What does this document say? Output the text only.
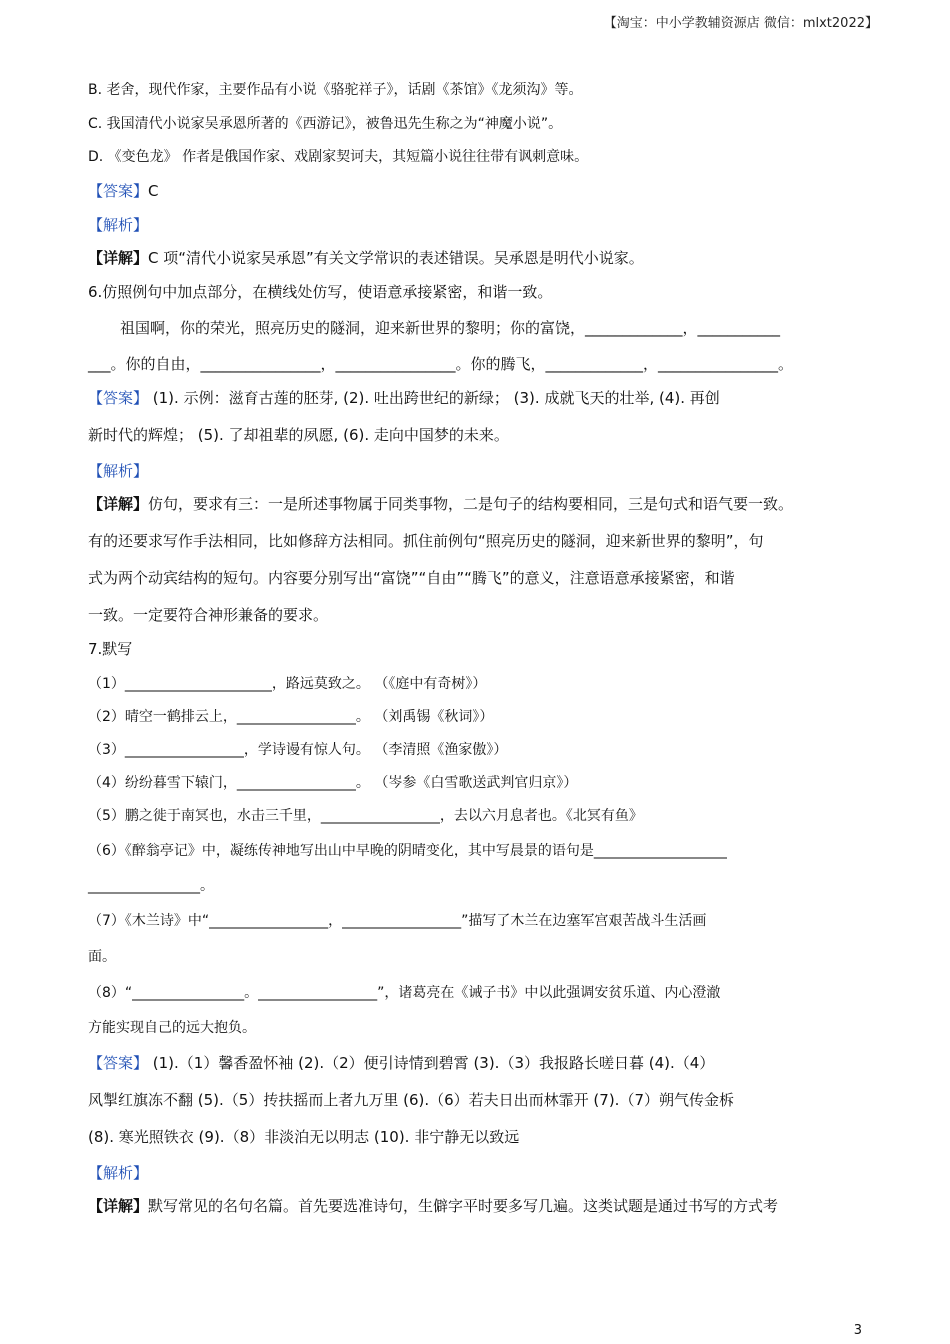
【淘宝：中小学教辅资源店 微信：mlxt2022】
B. 老舍，现代作家，主要作品有小说《骆驼祥子》，话剧《茶馆》《龙须沟》等。
C. 我国清代小说家吴承恩所著的《西游记》，被鲁迅先生称之为“神魔小说”。
D. 《变色龙》 作者是俄国作家、戏剧家契诃夫，其短篇小说往往带有讽刺意味。
【答案】C
【解析】
【详解】C 项“清代小说家吴承恩”有关文学常识的表述错误。吴承恩是明代小说家。
6.仿照例句中加点部分，在横线处仿写，使语意承接紧密，和谐一致。
祖国啊，你的荣光，照亮历史的隧洞，迎来新世界的黎明；你的富饶，_____________，___________
___。你的自由，________________，________________。你的腾飞，_____________，________________。
【答案】 (1). 示例：滋育古莲的胚芽, (2). 吐出跨世纪的新绿； (3). 成就飞天的壮举, (4). 再创
新时代的辉煌； (5). 了却祖辈的夙愿, (6). 走向中国梦的未来。
【解析】
【详解】仿句，要求有三：一是所述事物属于同类事物，二是句子的结构要相同，三是句式和语气要一致。
有的还要求写作手法相同，比如修辞方法相同。抓住前例句“照亮历史的隧洞，迎来新世界的黎明”，句
式为两个动宾结构的短句。内容要分别写出“富饶”“自由”“腾飞”的意义，注意语意承接紧密，和谐
一致。一定要符合神形兼备的要求。
7.默写
（1）_____________________，路远莫致之。 （《庭中有奇树》）
（2）晴空一鹤排云上，_________________。 （刘禹锡《秋词》）
（3）_________________，学诗谩有惊人句。 （李清照《渔家傲》）
（4）纷纷暮雪下辕门，_________________。 （岑参《白雪歌送武判官归京》）
（5）鹏之徙于南冥也，水击三千里，_________________，去以六月息者也。《北冥有鱼》
（6）《醉翁亭记》中，凝练传神地写出山中早晚的阴晴变化，其中写晨景的语句是___________________
________________。
（7）《木兰诗》中“_________________，_________________”描写了木兰在边塞军宫艰苦战斗生活画
面。
（8）“________________。_________________”，诸葛亮在《诫子书》中以此强调安贫乐道、内心澄澈
方能实现自己的远大抱负。
【答案】 (1).（1）馨香盈怀袖 (2).（2）便引诗情到碧霄 (3).（3）我报路长嗟日暮 (4).（4）
风掣红旗冻不翻 (5).（5）抟扶摇而上者九万里 (6).（6）若夫日出而林霏开 (7).（7）朔气传金柝
(8). 寒光照铁衣 (9).（8）非淡泊无以明志 (10). 非宁静无以致远
【解析】
【详解】默写常见的名句名篇。首先要选准诗句，生僻字平时要多写几遍。这类试题是通过书写的方式考
3
